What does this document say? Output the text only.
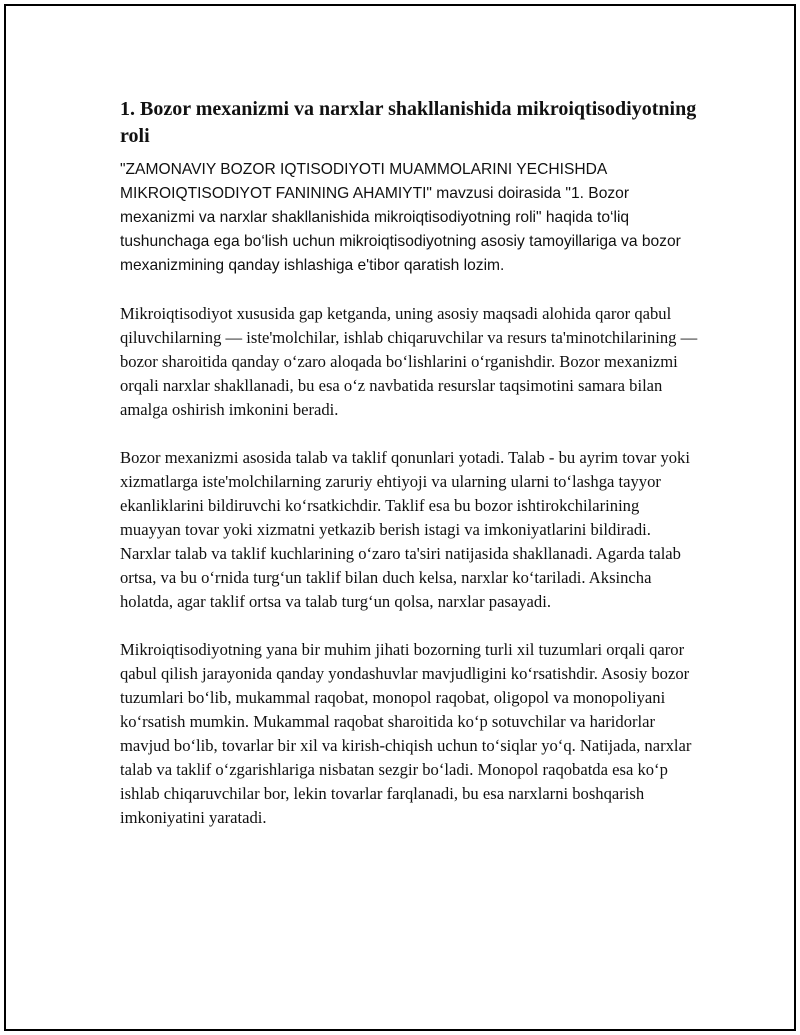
1. Bozor mexanizmi va narxlar shakllanishida mikroiqtisodiyotning roli

"ZAMONAVIY BOZOR IQTISODIYOTI MUAMMOLARINI YECHISHDA MIKROIQTISODIYOT FANINING AHAMIYTI" mavzusi doirasida "1. Bozor mexanizmi va narxlar shakllanishida mikroiqtisodiyotning roli" haqida to‘liq tushunchaga ega bo‘lish uchun mikroiqtisodiyotning asosiy tamoyillariga va bozor mexanizmining qanday ishlashiga e'tibor qaratish lozim.

Mikroiqtisodiyot xususida gap ketganda, uning asosiy maqsadi alohida qaror qabul qiluvchilarning — iste'molchilar, ishlab chiqaruvchilar va resurs ta'minotchilarining — bozor sharoitida qanday o‘zaro aloqada bo‘lishlarini o‘rganishdir. Bozor mexanizmi orqali narxlar shakllanadi, bu esa o‘z navbatida resurslar taqsimotini samara bilan amalga oshirish imkonini beradi.

Bozor mexanizmi asosida talab va taklif qonunlari yotadi. Talab - bu ayrim tovar yoki xizmatlarga iste'molchilarning zaruriy ehtiyoji va ularning ularni to‘lashga tayyor ekanliklarini bildiruvchi ko‘rsatkichdir. Taklif esa bu bozor ishtirokchilarining muayyan tovar yoki xizmatni yetkazib berish istagi va imkoniyatlarini bildiradi. Narxlar talab va taklif kuchlarining o‘zaro ta'siri natijasida shakllanadi. Agarda talab ortsa, va bu o‘rnida turg‘un taklif bilan duch kelsa, narxlar ko‘tariladi. Aksincha holatda, agar taklif ortsa va talab turg‘un qolsa, narxlar pasayadi.

Mikroiqtisodiyotning yana bir muhim jihati bozorning turli xil tuzumlari orqali qaror qabul qilish jarayonida qanday yondashuvlar mavjudligini ko‘rsatishdir. Asosiy bozor tuzumlari bo‘lib, mukammal raqobat, monopol raqobat, oligopol va monopoliyani ko‘rsatish mumkin. Mukammal raqobat sharoitida ko‘p sotuvchilar va haridorlar mavjud bo‘lib, tovarlar bir xil va kirish-chiqish uchun to‘siqlar yo‘q. Natijada, narxlar talab va taklif o‘zgarishlariga nisbatan sezgir bo‘ladi. Monopol raqobatda esa ko‘p ishlab chiqaruvchilar bor, lekin tovarlar farqlanadi, bu esa narxlarni boshqarish imkoniyatini yaratadi.
